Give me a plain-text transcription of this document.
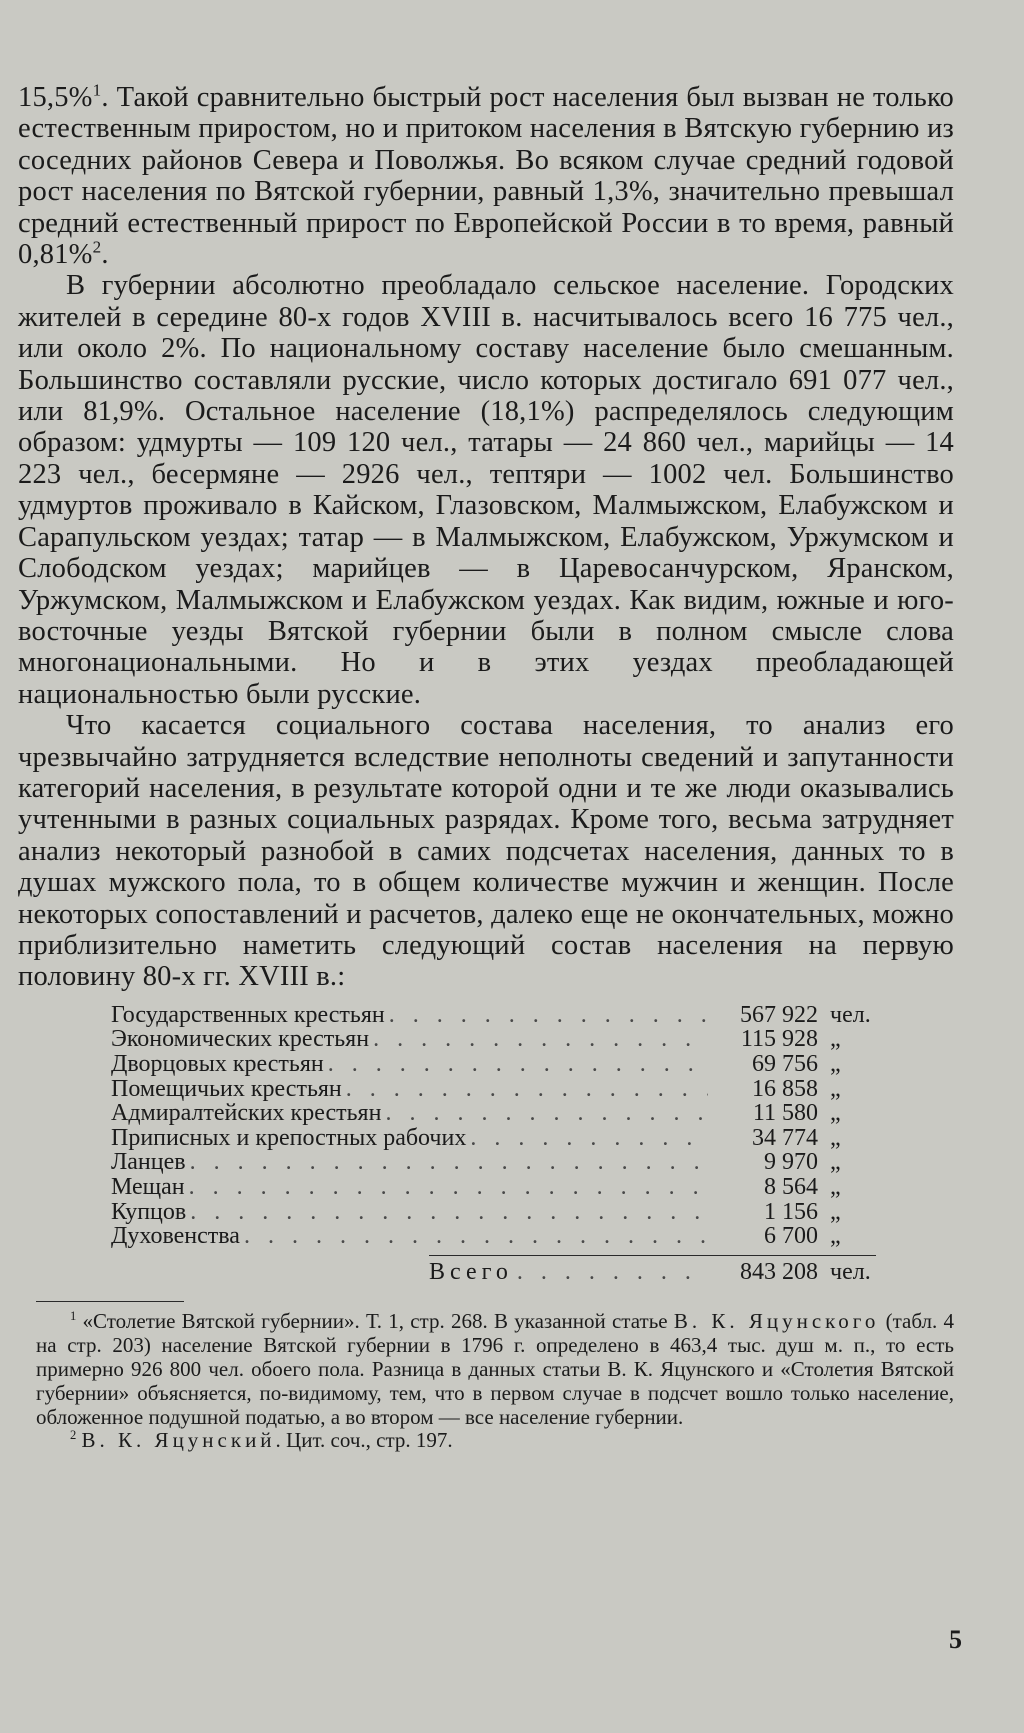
15,5%$^1$. Такой сравнительно быстрый рост населения был вызван не только естественным приростом, но и притоком населения в Вятскую губернию из соседних районов Севера и Поволжья. Во всяком случае средний годовой рост населения по Вятской губернии, равный 1,3%, значительно превышал средний естественный прирост по Европейской России в то время, равный 0,81%$^2$.

В губернии абсолютно преобладало сельское население. Городских жителей в середине 80-х годов XVIII в. насчитывалось всего 16 775 чел., или около 2%. По национальному составу население было смешанным. Большинство составляли русские, число которых достигало 691 077 чел., или 81,9%. Остальное население (18,1%) распределялось следующим образом: удмурты — 109 120 чел., татары — 24 860 чел., марийцы — 14 223 чел., бесермяне — 2926 чел., тептяри — 1002 чел. Большинство удмуртов проживало в Кайском, Глазовском, Малмыжском, Елабужском и Сарапульском уездах; татар — в Малмыжском, Елабужском, Уржумском и Слободском уездах; марийцев — в Царевосанчурском, Яранском, Уржумском, Малмыжском и Елабужском уездах. Как видим, южные и юго-восточные уезды Вятской губернии были в полном смысле слова многонациональными. Но и в этих уездах преобладающей национальностью были русские.

Что касается социального состава населения, то анализ его чрезвычайно затрудняется вследствие неполноты сведений и запутанности категорий населения, в результате которой одни и те же люди оказывались учтенными в разных социальных разрядах. Кроме того, весьма затрудняет анализ некоторый разнобой в самих подсчетах населения, данных то в душах мужского пола, то в общем количестве мужчин и женщин. После некоторых сопоставлений и расчетов, далеко еще не окончательных, можно приблизительно наметить следующий состав населения на первую половину 80-х гг. XVIII в.:

Государственных крестьян . . .	567 922 чел.
Экономических крестьян . . .	115 928 „
Дворцовых крестьян . . .	69 756 „
Помещичьих крестьян . . .	16 858 „
Адмиралтейских крестьян . . .	11 580 „
Приписных и крепостных рабочих . . .	34 774 „
Ланцев . . .	9 970 „
Мещан . . .	8 564 „
Купцов . . .	1 156 „
Духовенства . . .	6 700 „
Всего . . .	843 208 чел.

$^1$ «Столетие Вятской губернии». Т. 1, стр. 268. В указанной статье В. К. Яцунского (табл. 4 на стр. 203) население Вятской губернии в 1796 г. определено в 463,4 тыс. душ м. п., то есть примерно 926 800 чел. обоего пола. Разница в данных статьи В. К. Яцунского и «Столетия Вятской губернии» объясняется, по-видимому, тем, что в первом случае в подсчет вошло только население, обложенное подушной податью, а во втором — все население губернии.

$^2$ В. К. Яцунский. Цит. соч., стр. 197.

5
